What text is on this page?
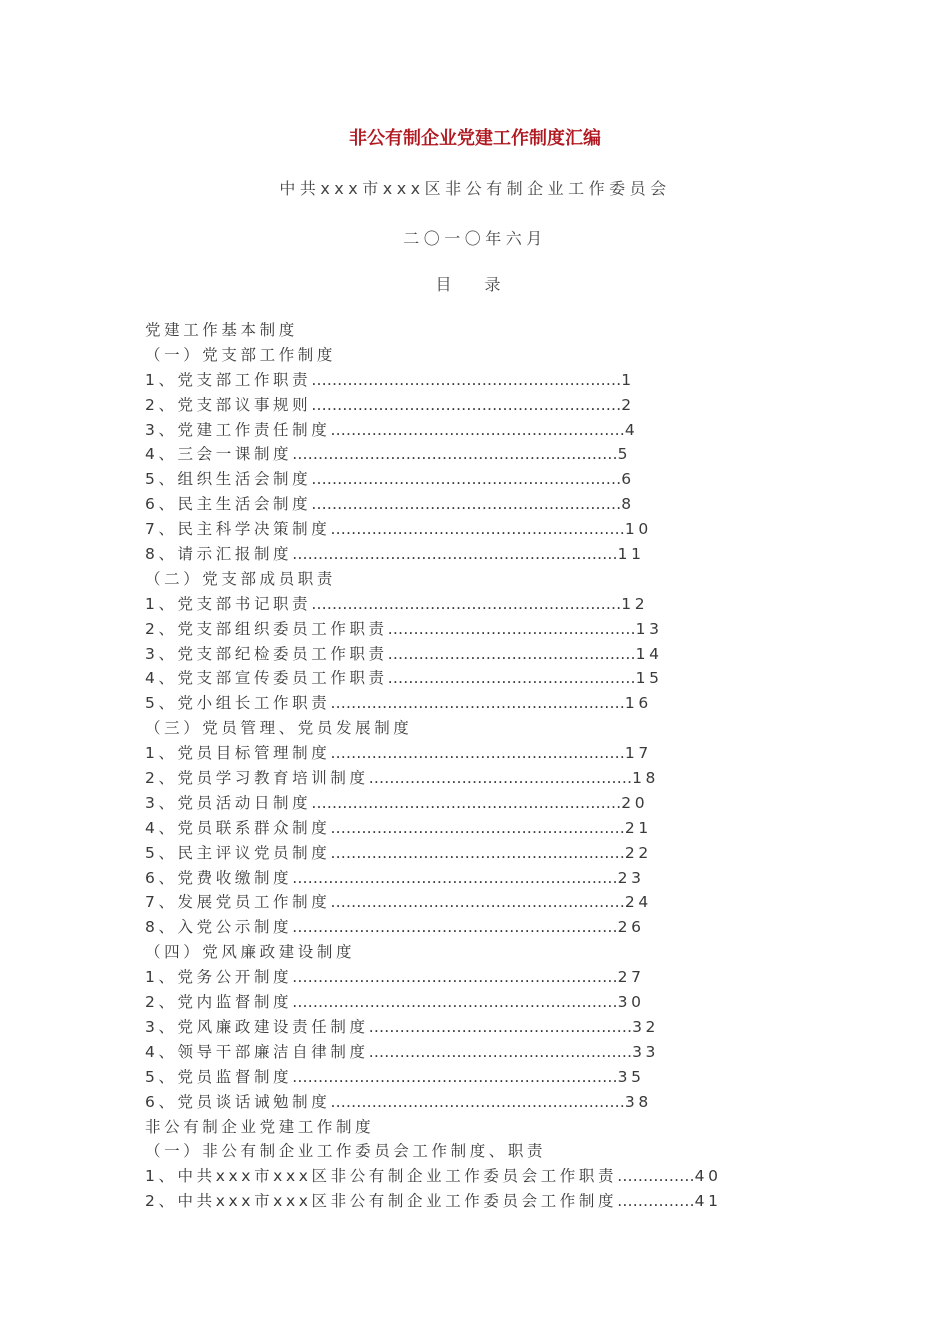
非公有制企业党建工作制度汇编
中共xxx市xxx区非公有制企业工作委员会
二〇一〇年六月
目 录
党建工作基本制度
（一）党支部工作制度
1、党支部工作职责……………………………………………………1
2、党支部议事规则……………………………………………………2
3、党建工作责任制度…………………………………………………4
4、三会一课制度………………………………………………………5
5、组织生活会制度……………………………………………………6
6、民主生活会制度……………………………………………………8
7、民主科学决策制度…………………………………………………10
8、请示汇报制度………………………………………………………11
（二）党支部成员职责
1、党支部书记职责……………………………………………………12
2、党支部组织委员工作职责…………………………………………13
3、党支部纪检委员工作职责…………………………………………14
4、党支部宣传委员工作职责…………………………………………15
5、党小组长工作职责…………………………………………………16
（三）党员管理、党员发展制度
1、党员目标管理制度…………………………………………………17
2、党员学习教育培训制度……………………………………………18
3、党员活动日制度……………………………………………………20
4、党员联系群众制度…………………………………………………21
5、民主评议党员制度…………………………………………………22
6、党费收缴制度………………………………………………………23
7、发展党员工作制度…………………………………………………24
8、入党公示制度………………………………………………………26
（四）党风廉政建设制度
1、党务公开制度………………………………………………………27
2、党内监督制度………………………………………………………30
3、党风廉政建设责任制度……………………………………………32
4、领导干部廉洁自律制度……………………………………………33
5、党员监督制度………………………………………………………35
6、党员谈话诫勉制度…………………………………………………38
非公有制企业党建工作制度
（一）非公有制企业工作委员会工作制度、职责
1、中共xxx市xxx区非公有制企业工作委员会工作职责……………40
2、中共xxx市xxx区非公有制企业工作委员会工作制度……………41
